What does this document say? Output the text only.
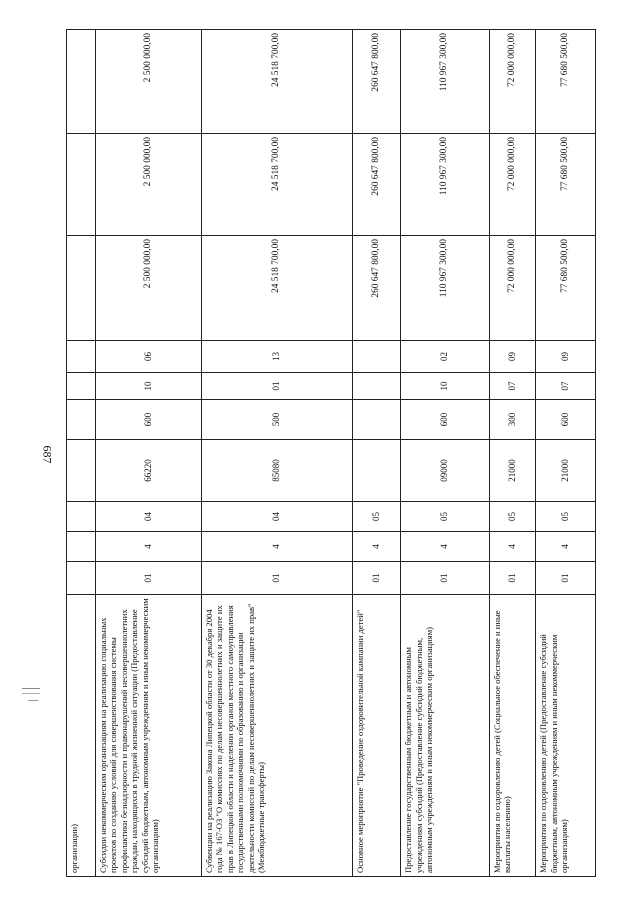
687
организации)										
Субсидии некоммерческим организациям на реализацию социальных проектов по созданию условий для совершенствования системы профилактики безнадзорности и правонарушений несовершеннолетних граждан, находящихся в трудной жизненной ситуации (Предоставление субсидий бюджетным, автономным учреждениям и иным некоммерческим организациям)	01	4	04	66220	600	10	06	2 500 000,00	2 500 000,00	2 500 000,00
Субвенции на реализацию Закона Липецкой области от 30 декабря 2004 года № 167-ОЗ "О комиссиях по делам несовершеннолетних и защите их прав в Липецкой области и наделении органов местного самоуправления государственными полномочиями по образованию и организации деятельности комиссий по делам несовершеннолетних и защите их прав" (Межбюджетные трансферты)	01	4	04	85080	500	01	13	24 518 700,00	24 518 700,00	24 518 700,00
Основное мероприятие "Проведение оздоровительной кампании детей"	01	4	05					260 647 800,00	260 647 800,00	260 647 800,00
Предоставление государственным бюджетным и автономным учреждениям субсидий (Предоставление субсидий бюджетным, автономным учреждениям и иным некоммерческим организациям)	01	4	05	09000	600	10	02	110 967 300,00	110 967 300,00	110 967 300,00
Мероприятия по оздоровлению детей (Социальное обеспечение и иные выплаты населению)	01	4	05	21000	300	07	09	72 000 000,00	72 000 000,00	72 000 000,00
Мероприятия по оздоровлению детей (Предоставление субсидий бюджетным, автономным учреждениям и иным некоммерческим организациям)	01	4	05	21000	600	07	09	77 680 500,00	77 680 500,00	77 680 500,00
